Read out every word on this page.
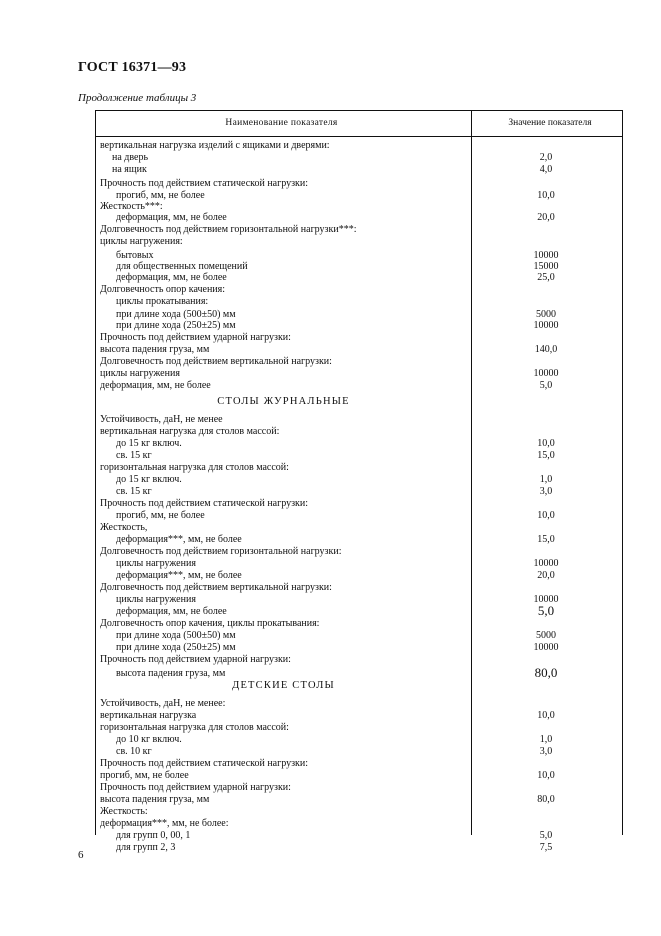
ГОСТ 16371—93
Продолжение таблицы 3
Наименование показателя	Значение показателя
вертикальная нагрузка изделий с ящиками и дверями:
на дверь	2,0
на ящик	4,0
Прочность под действием статической нагрузки:
прогиб, мм, не более	10,0
Жесткость***:
деформация, мм, не более	20,0
Долговечность под действием горизонтальной нагрузки***:
циклы нагружения:
бытовых	10000
для общественных помещений	15000
деформация, мм, не более	25,0
Долговечность опор качения:
циклы прокатывания:
при длине хода (500±50) мм	5000
при длине хода (250±25) мм	10000
Прочность под действием ударной нагрузки:
высота падения груза, мм	140,0
Долговечность под действием вертикальной нагрузки:
циклы нагружения	10000
деформация, мм, не более	5,0
СТОЛЫ ЖУРНАЛЬНЫЕ
Устойчивость, даН, не менее
вертикальная нагрузка для столов массой:
до 15 кг включ.	10,0
св. 15 кг	15,0
горизонтальная нагрузка для столов массой:
до 15 кг включ.	1,0
св. 15 кг	3,0
Прочность под действием статической нагрузки:
прогиб, мм, не более	10,0
Жесткость,
деформация***, мм, не более	15,0
Долговечность под действием горизонтальной нагрузки:
циклы нагружения	10000
деформация***, мм, не более	20,0
Долговечность под действием вертикальной нагрузки:
циклы нагружения	10000
деформация, мм, не более	5,0
Долговечность опор качения, циклы прокатывания:
при длине хода (500±50) мм	5000
при длине хода (250±25) мм	10000
Прочность под действием ударной нагрузки:
высота падения груза, мм	80,0
ДЕТСКИЕ СТОЛЫ
Устойчивость, даН, не менее:
вертикальная нагрузка	10,0
горизонтальная нагрузка для столов массой:
до 10 кг включ.	1,0
св. 10 кг	3,0
Прочность под действием статической нагрузки:
прогиб, мм, не более	10,0
Прочность под действием ударной нагрузки:
высота падения груза, мм	80,0
Жесткость:
деформация***, мм, не более:
для групп 0, 00, 1	5,0
для групп 2, 3	7,5
6
